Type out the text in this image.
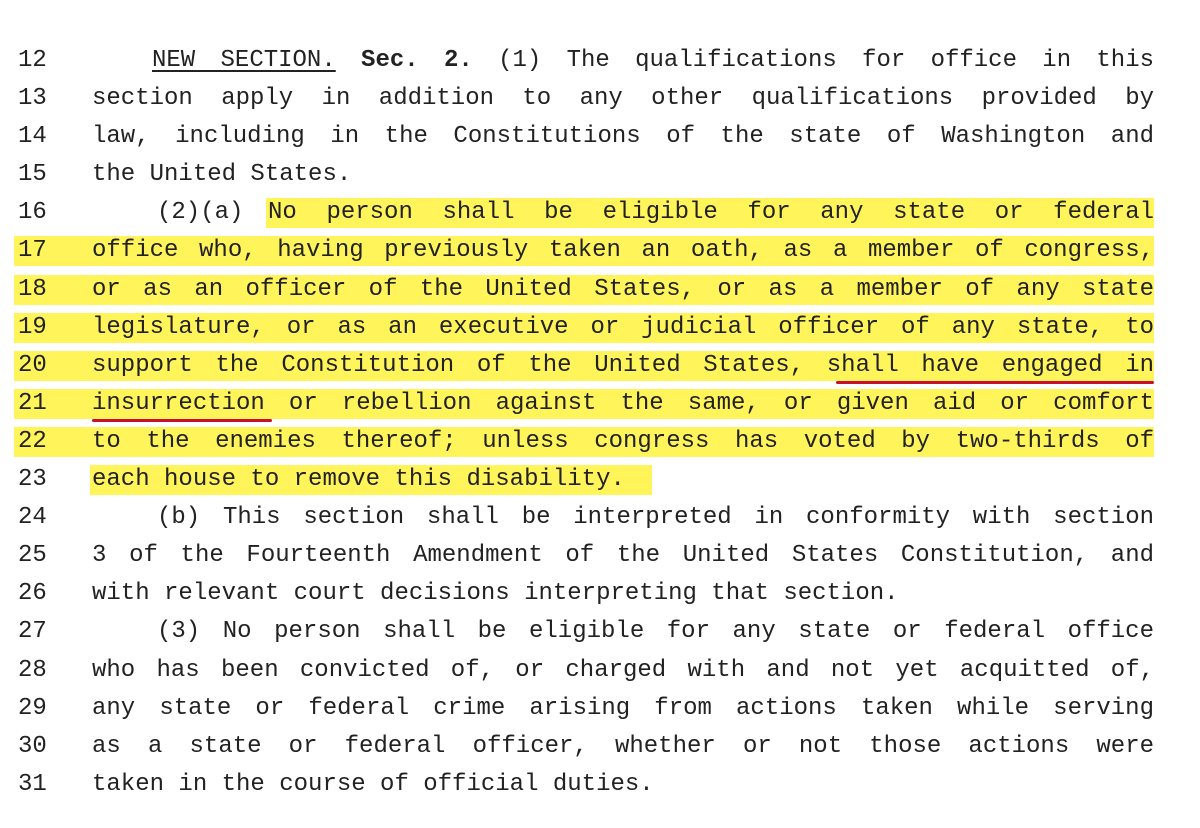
12	NEW SECTION. Sec. 2. (1) The qualifications for office in this
13	section apply in addition to any other qualifications provided by
14	law, including in the Constitutions of the state of Washington and
15	the United States.
16	(2)(a)	No person shall be eligible for any state or federal
17	office who, having previously taken an oath, as a member of congress,
18	or as an officer of the United States, or as a member of any state
19	legislature, or as an executive or judicial officer of any state, to
20	support the Constitution of the United States, shall have engaged in
21	insurrection or rebellion against the same, or given aid or comfort
22	to the enemies thereof; unless congress has voted by two-thirds of
23	each house to remove this disability.
24	(b) This section shall be interpreted in conformity with section
25	3 of the Fourteenth Amendment of the United States Constitution, and
26	with relevant court decisions interpreting that section.
27	(3) No person shall be eligible for any state or federal office
28	who has been convicted of, or charged with and not yet acquitted of,
29	any state or federal crime arising from actions taken while serving
30	as a state or federal officer, whether or not those actions were
31	taken in the course of official duties.
